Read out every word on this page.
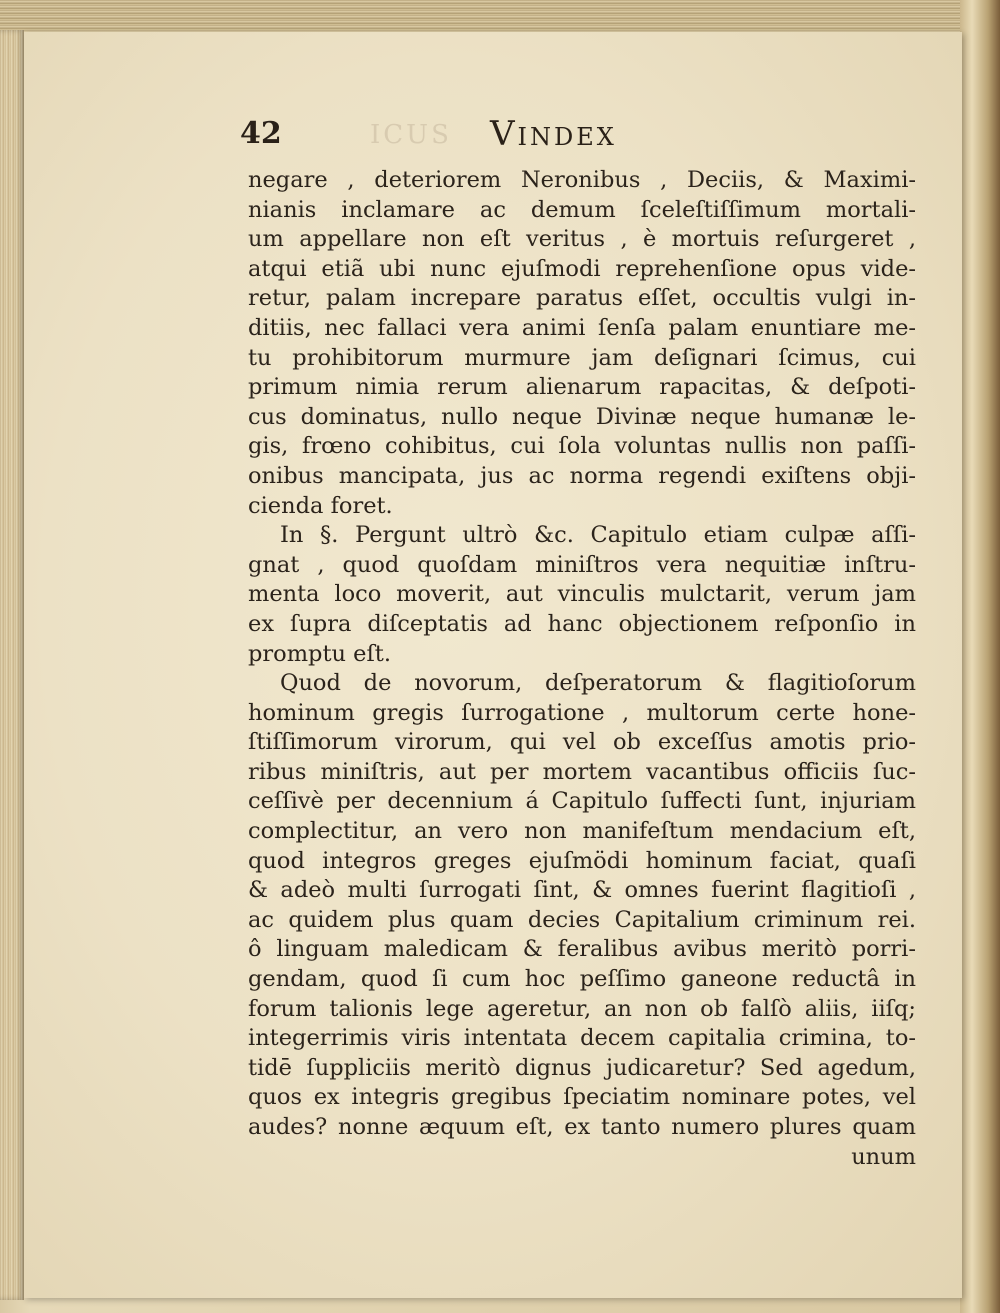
ICUS
42	Vindex
negare , deteriorem Neronibus , Deciis, & Maximi-
nianis inclamare ac demum ſceleſtiſſimum mortali-
um appellare non eſt veritus , è mortuis reſurgeret ,
atqui etiã ubi nunc ejuſmodi reprehenſione opus vide-
retur, palam increpare paratus eſſet, occultis vulgi in-
ditiis, nec fallaci vera animi ſenſa palam enuntiare me-
tu prohibitorum murmure jam deſignari ſcimus, cui
primum nimia rerum alienarum rapacitas, & deſpoti-
cus dominatus, nullo neque Divinæ neque humanæ le-
gis, frœno cohibitus, cui ſola voluntas nullis non paſſi-
onibus mancipata, jus ac norma regendi exiſtens obji-
cienda foret.
In §. Pergunt ultrò &c. Capitulo etiam culpæ aſſi-
gnat , quod quoſdam miniſtros vera nequitiæ inſtru-
menta loco moverit, aut vinculis mulctarit, verum jam
ex ſupra diſceptatis ad hanc objectionem reſponſio in
promptu eſt.
Quod de novorum, deſperatorum & flagitioſorum
hominum gregis ſurrogatione , multorum certe hone-
ſtiſſimorum virorum, qui vel ob exceſſus amotis prio-
ribus miniſtris, aut per mortem vacantibus officiis ſuc-
ceſſivè per decennium á Capitulo ſuffecti ſunt, injuriam
complectitur, an vero non manifeſtum mendacium eſt,
quod integros greges ejuſmödi hominum faciat, quaſi
& adeò multi ſurrogati ſint, & omnes fuerint flagitioſi ,
ac quidem plus quam decies Capitalium criminum rei.
ô linguam maledicam & feralibus avibus meritò porri-
gendam, quod ſi cum hoc peſſimo ganeone reductâ in
forum talionis lege ageretur, an non ob falſò aliis, iiſq;
integerrimis viris intentata decem capitalia crimina, to-
tidē ſuppliciis meritò dignus judicaretur? Sed agedum,
quos ex integris gregibus ſpeciatim nominare potes, vel
audes? nonne æquum eſt, ex tanto numero plures quam
unum
